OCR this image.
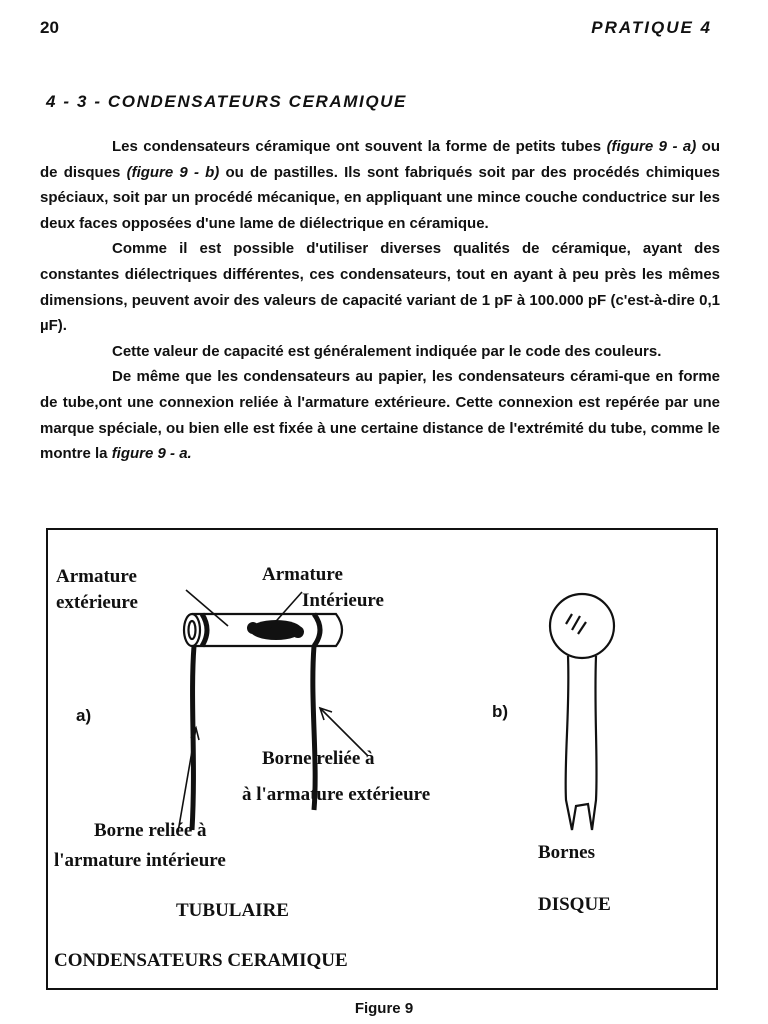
20	PRATIQUE 4
4 - 3 - CONDENSATEURS CERAMIQUE

Les condensateurs céramique ont souvent la forme de petits tubes (figure 9 - a) ou de disques (figure 9 - b) ou de pastilles. Ils sont fabriqués soit par des procédés chimiques spéciaux, soit par un procédé mécanique, en appliquant une mince couche conductrice sur les deux faces opposées d'une lame de diélectrique en céramique.

Comme il est possible d'utiliser diverses qualités de céramique, ayant des constantes diélectriques différentes, ces condensateurs, tout en ayant à peu près les mêmes dimensions, peuvent avoir des valeurs de capacité variant de 1 pF à 100.000 pF (c'est-à-dire 0,1 µF).

Cette valeur de capacité est généralement indiquée par le code des couleurs.

De même que les condensateurs au papier, les condensateurs cérami-que en forme de tube,ont une connexion reliée à l'armature extérieure. Cette connexion est repérée par une marque spéciale, ou bien elle est fixée à une certaine distance de l'extrémité du tube, comme le montre la figure 9 - a.

Armature
extérieure
Armature
Intérieure
a)	b)
Borne reliée à
à l'armature extérieure
Borne reliée à
l'armature intérieure	Bornes
TUBULAIRE	DISQUE
CONDENSATEURS CERAMIQUE
Figure 9
